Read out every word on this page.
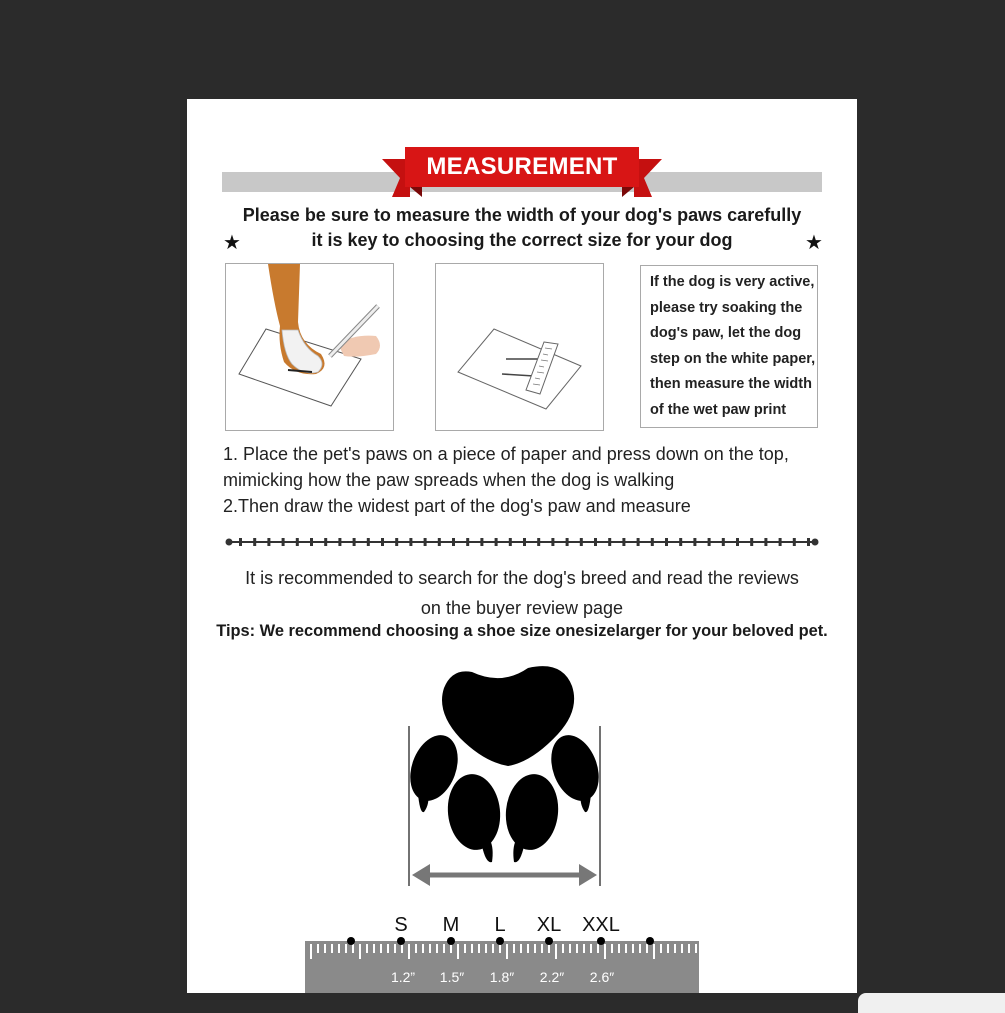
MEASUREMENT
Please be sure to measure the width of your dog's paws carefully
it is key to choosing the correct size for your dog
★	★
If the dog is very active,
please try soaking the
dog's paw, let the dog
step on the white paper,
then measure the width
of the wet paw print
1. Place the pet's paws on a piece of paper and press down on the top,
mimicking how the paw spreads when the dog is walking
2.Then draw the widest part of the dog's paw and measure
It is recommended to search for the dog's breed and read the reviews
on the buyer review page
Tips: We recommend choosing a shoe size onesizelarger for your beloved pet.
S M L XL XXL
1.2” 1.5″ 1.8″ 2.2″ 2.6″
